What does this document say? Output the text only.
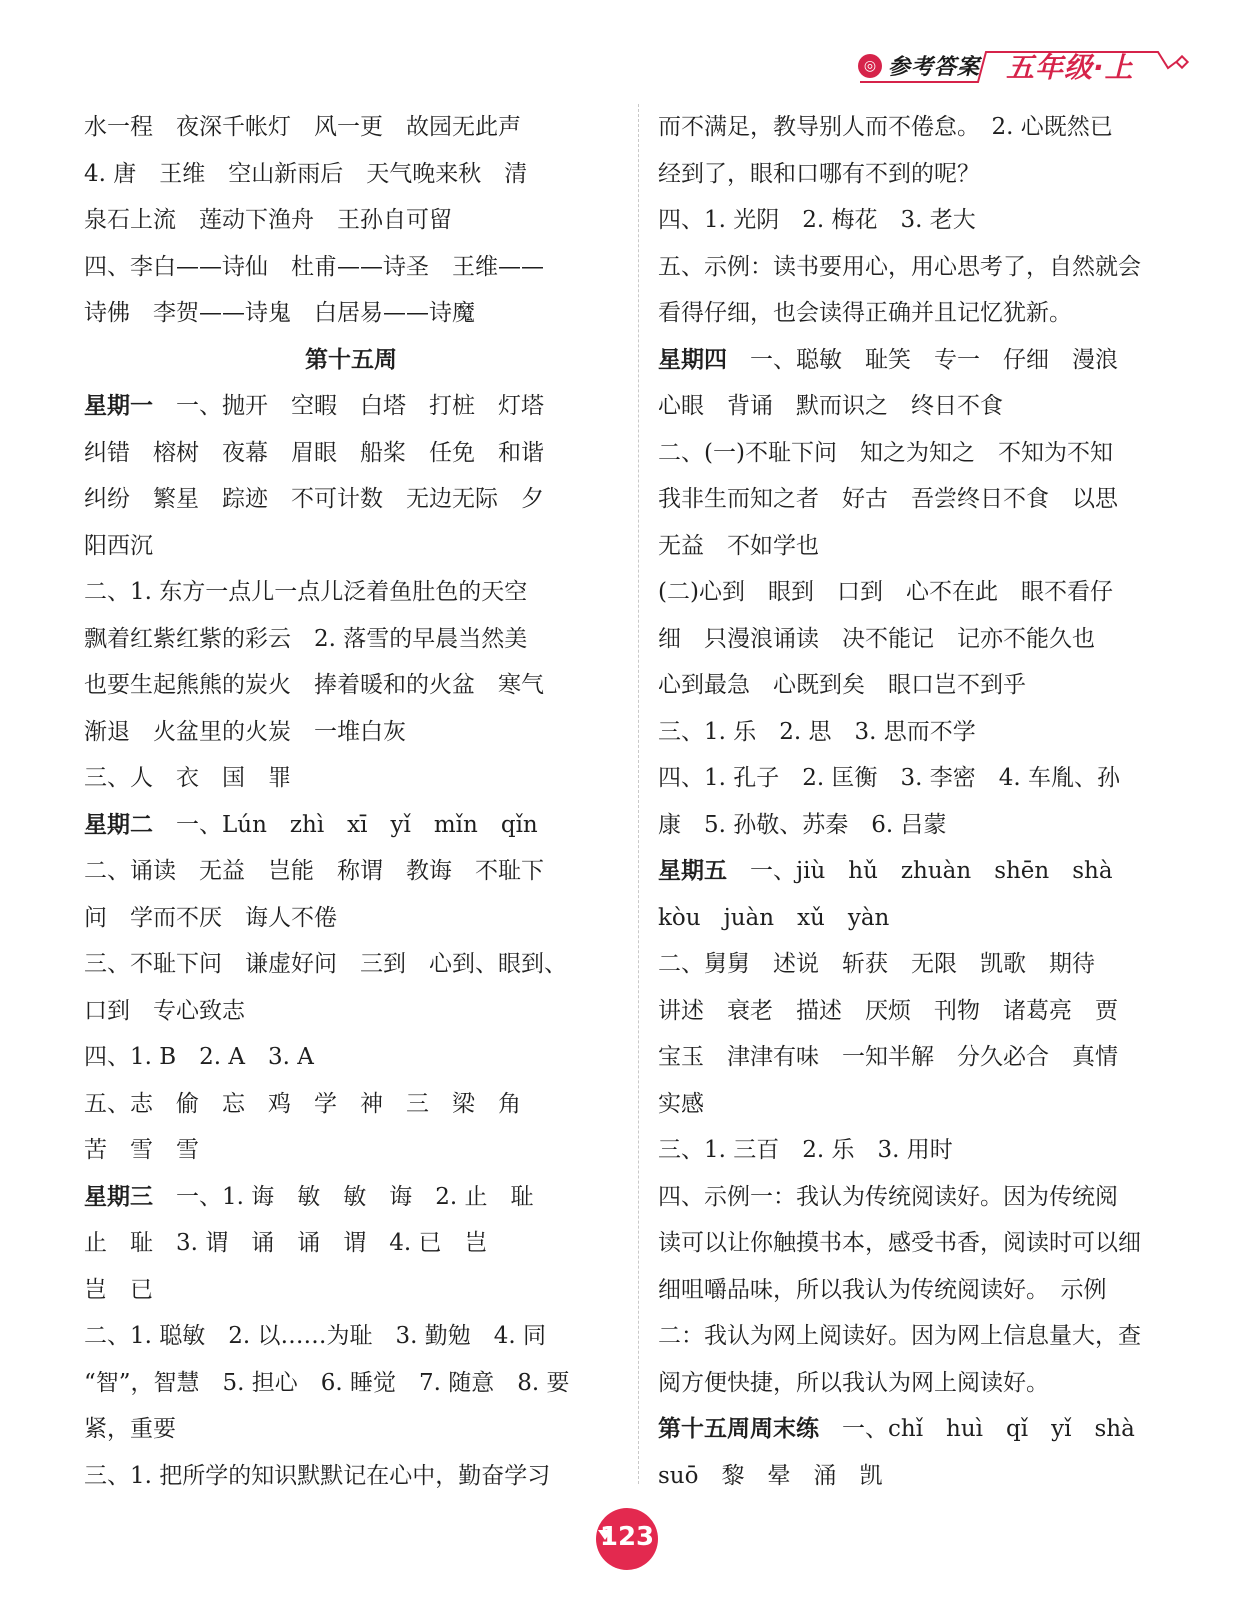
◎ 参考答案 五年级·上
水一程　夜深千帐灯　风一更　故园无此声
4. 唐　王维　空山新雨后　天气晚来秋　清
泉石上流　莲动下渔舟　王孙自可留
四、李白——诗仙　杜甫——诗圣　王维——
诗佛　李贺——诗鬼　白居易——诗魔
第十五周
星期一　一、抛开　空暇　白塔　打桩　灯塔
纠错　榕树　夜幕　眉眼　船桨　任免　和谐
纠纷　繁星　踪迹　不可计数　无边无际　夕
阳西沉
二、1. 东方一点儿一点儿泛着鱼肚色的天空
飘着红紫红紫的彩云　2. 落雪的早晨当然美
也要生起熊熊的炭火　捧着暖和的火盆　寒气
渐退　火盆里的火炭　一堆白灰
三、人　衣　国　罪
星期二　一、Lún　zhì　xī　yǐ　mǐn　qǐn
二、诵读　无益　岂能　称谓　教诲　不耻下
问　学而不厌　诲人不倦
三、不耻下问　谦虚好问　三到　心到、眼到、
口到　专心致志
四、1. B　2. A　3. A
五、志　偷　忘　鸡　学　神　三　梁　角
苦　雪　雪
星期三　一、1. 诲　敏　敏　诲　2. 止　耻
止　耻　3. 谓　诵　诵　谓　4. 已　岂
岂　已
二、1. 聪敏　2. 以……为耻　3. 勤勉　4. 同
“智”，智慧　5. 担心　6. 睡觉　7. 随意　8. 要
紧，重要
三、1. 把所学的知识默默记在心中，勤奋学习
而不满足，教导别人而不倦怠。　2. 心既然已
经到了，眼和口哪有不到的呢？
四、1. 光阴　2. 梅花　3. 老大
五、示例：读书要用心，用心思考了，自然就会
看得仔细，也会读得正确并且记忆犹新。
星期四　一、聪敏　耻笑　专一　仔细　漫浪
心眼　背诵　默而识之　终日不食
二、(一)不耻下问　知之为知之　不知为不知
我非生而知之者　好古　吾尝终日不食　以思
无益　不如学也
(二)心到　眼到　口到　心不在此　眼不看仔
细　只漫浪诵读　决不能记　记亦不能久也
心到最急　心既到矣　眼口岂不到乎
三、1. 乐　2. 思　3. 思而不学
四、1. 孔子　2. 匡衡　3. 李密　4. 车胤、孙
康　5. 孙敬、苏秦　6. 吕蒙
星期五　一、jiù　hǔ　zhuàn　shēn　shà
kòu　juàn　xǔ　yàn
二、舅舅　述说　斩获　无限　凯歌　期待
讲述　衰老　描述　厌烦　刊物　诸葛亮　贾
宝玉　津津有味　一知半解　分久必合　真情
实感
三、1. 三百　2. 乐　3. 用时
四、示例一：我认为传统阅读好。因为传统阅
读可以让你触摸书本，感受书香，阅读时可以细
细咀嚼品味，所以我认为传统阅读好。　示例
二：我认为网上阅读好。因为网上信息量大，查
阅方便快捷，所以我认为网上阅读好。
第十五周周末练　一、chǐ　huì　qǐ　yǐ　shà
suō　黎　晕　涌　凯
123
